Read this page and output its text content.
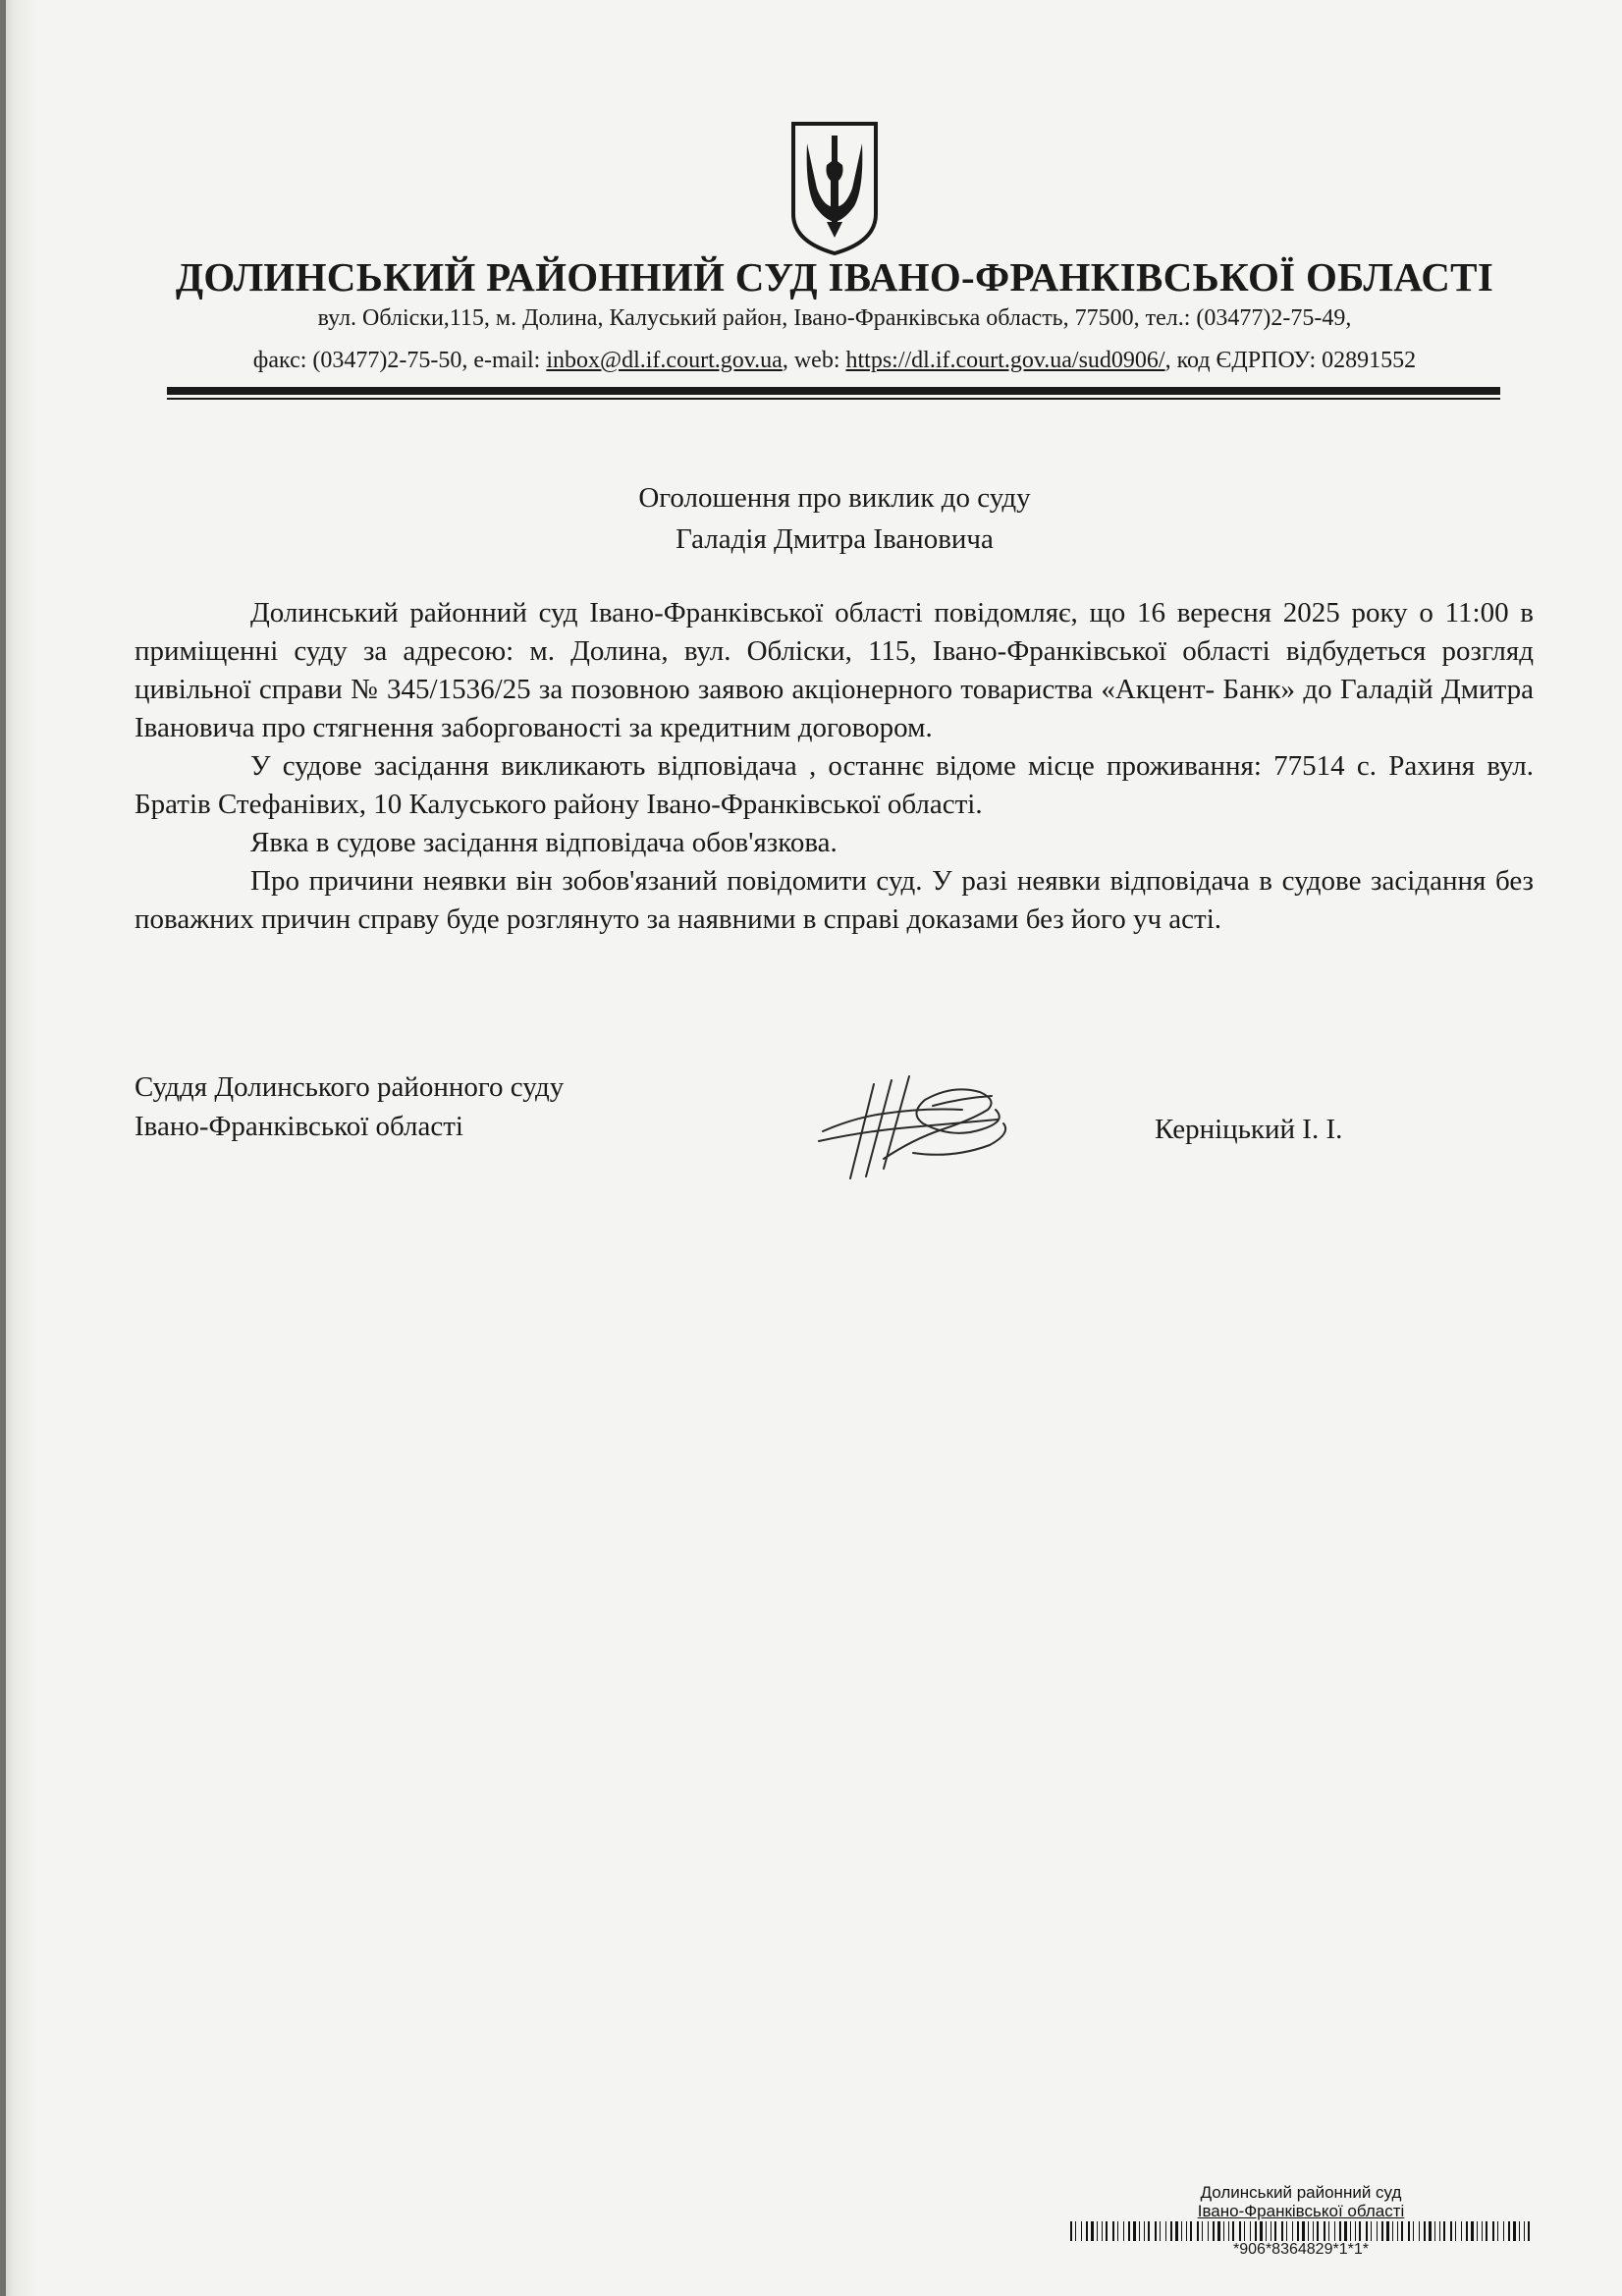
ДОЛИНСЬКИЙ РАЙОННИЙ СУД ІВАНО-ФРАНКІВСЬКОЇ ОБЛАСТІ
вул. Обліски,115, м. Долина, Калуський район, Івано-Франківська область, 77500, тел.: (03477)2-75-49,
факс: (03477)2-75-50, e-mail: inbox@dl.if.court.gov.ua, web: https://dl.if.court.gov.ua/sud0906/, код ЄДРПОУ: 02891552
Оголошення про виклик до суду
Галадія Дмитра Івановича

Долинський районний суд Івано-Франківської області повідомляє, що 16 вересня 2025 року о 11:00 в приміщенні суду за адресою: м. Долина, вул. Обліски, 115, Івано-Франківської області відбудеться розгляд цивільної справи № 345/1536/25 за позовною заявою акціонерного товариства «Акцент- Банк» до Галадій Дмитра Івановича про стягнення заборгованості за кредитним договором.

У судове засідання викликають відповідача , останнє відоме місце проживання: 77514 с. Рахиня вул. Братів Стефанівих, 10 Калуського району Івано-Франківської області.

Явка в судове засідання відповідача обов'язкова.

Про причини неявки він зобов'язаний повідомити суд. У разі неявки відповідача в судове засідання без поважних причин справу буде розглянуто за наявними в справі доказами без його уч асті.

Суддя Долинського районного суду
Івано-Франківської області	Керніцький І. І.
Долинський районний суд
Івано-Франківської області
*906*8364829*1*1*
